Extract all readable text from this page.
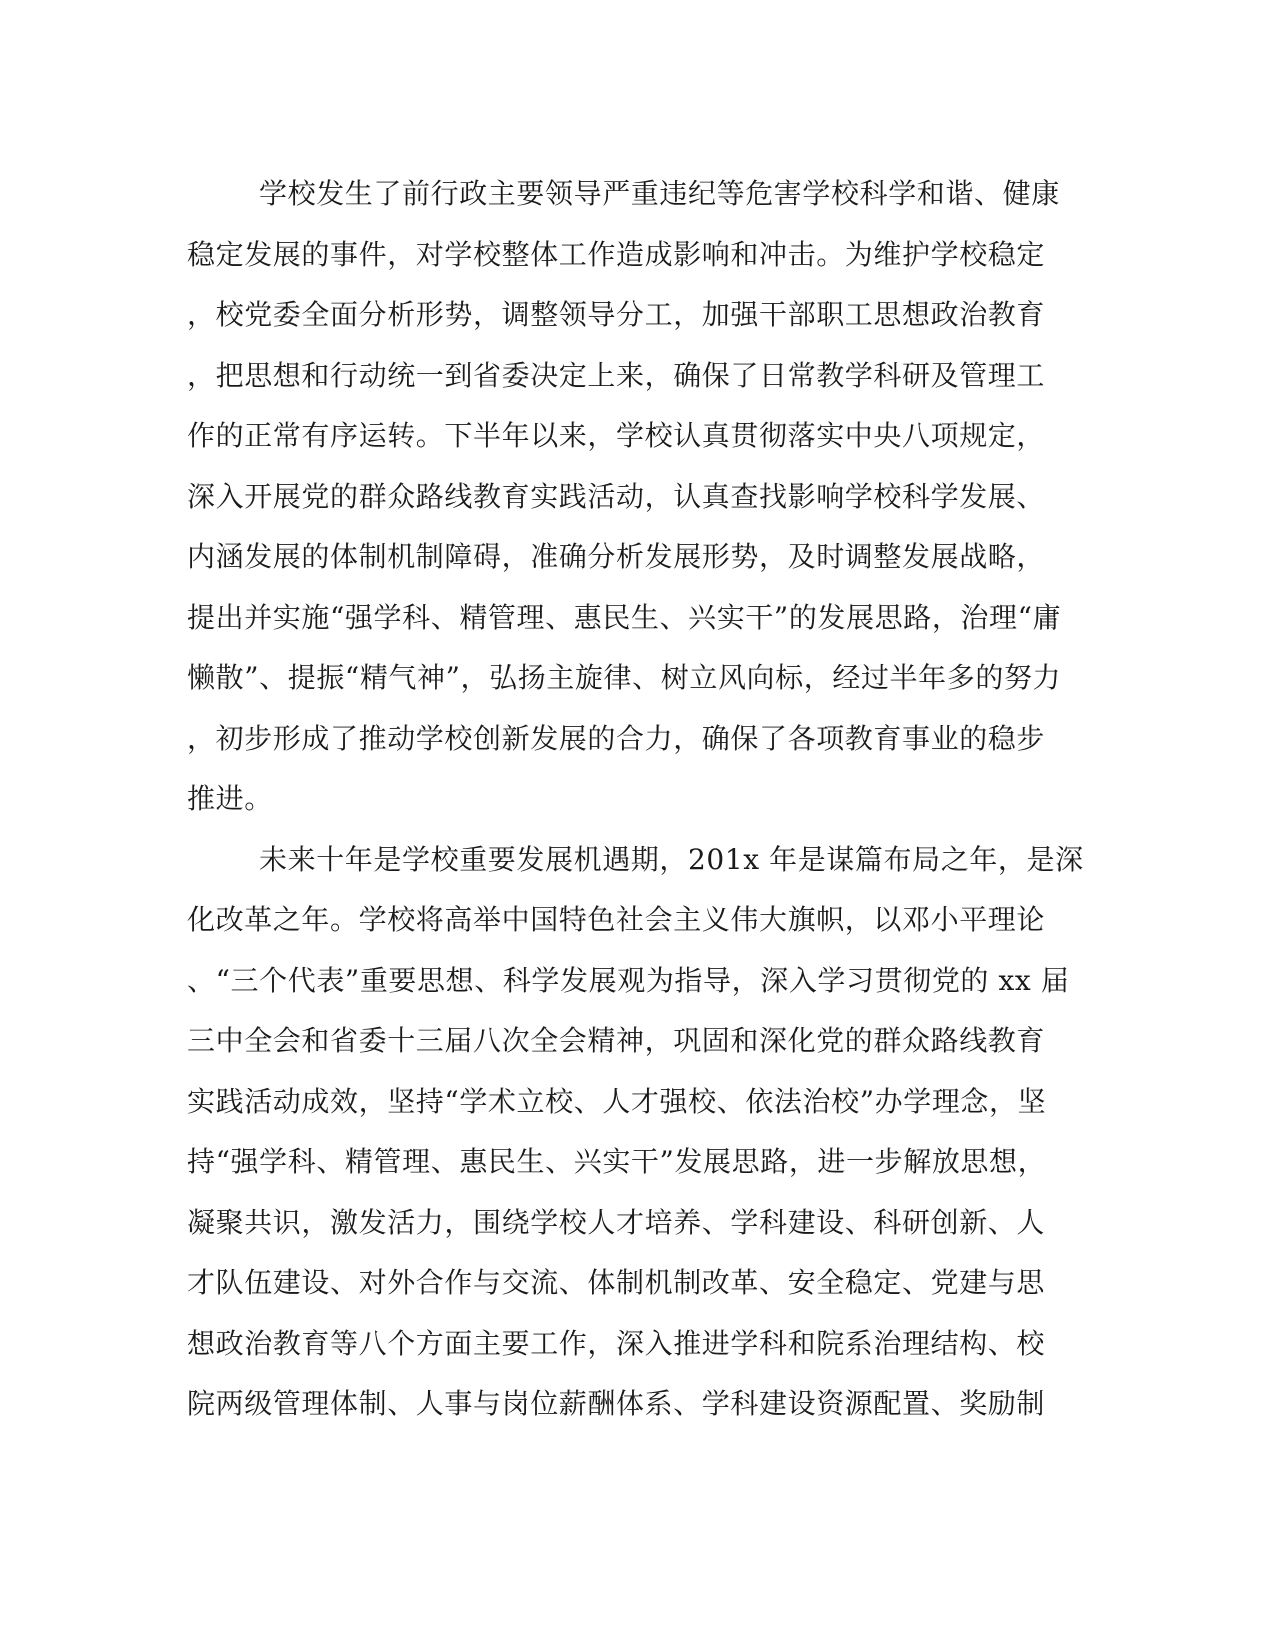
学校发生了前行政主要领导严重违纪等危害学校科学和谐、健康
稳定发展的事件，对学校整体工作造成影响和冲击。为维护学校稳定
，校党委全面分析形势，调整领导分工，加强干部职工思想政治教育
，把思想和行动统一到省委决定上来，确保了日常教学科研及管理工
作的正常有序运转。下半年以来，学校认真贯彻落实中央八项规定，
深入开展党的群众路线教育实践活动，认真查找影响学校科学发展、
内涵发展的体制机制障碍，准确分析发展形势，及时调整发展战略，
提出并实施“强学科、精管理、惠民生、兴实干”的发展思路，治理“庸
懒散”、提振“精气神”，弘扬主旋律、树立风向标，经过半年多的努力
，初步形成了推动学校创新发展的合力，确保了各项教育事业的稳步
推进。
未来十年是学校重要发展机遇期，201x 年是谋篇布局之年，是深
化改革之年。学校将高举中国特色社会主义伟大旗帜，以邓小平理论
、“三个代表”重要思想、科学发展观为指导，深入学习贯彻党的 xx 届
三中全会和省委十三届八次全会精神，巩固和深化党的群众路线教育
实践活动成效，坚持“学术立校、人才强校、依法治校”办学理念，坚
持“强学科、精管理、惠民生、兴实干”发展思路，进一步解放思想，
凝聚共识，激发活力，围绕学校人才培养、学科建设、科研创新、人
才队伍建设、对外合作与交流、体制机制改革、安全稳定、党建与思
想政治教育等八个方面主要工作，深入推进学科和院系治理结构、校
院两级管理体制、人事与岗位薪酬体系、学科建设资源配置、奖励制
